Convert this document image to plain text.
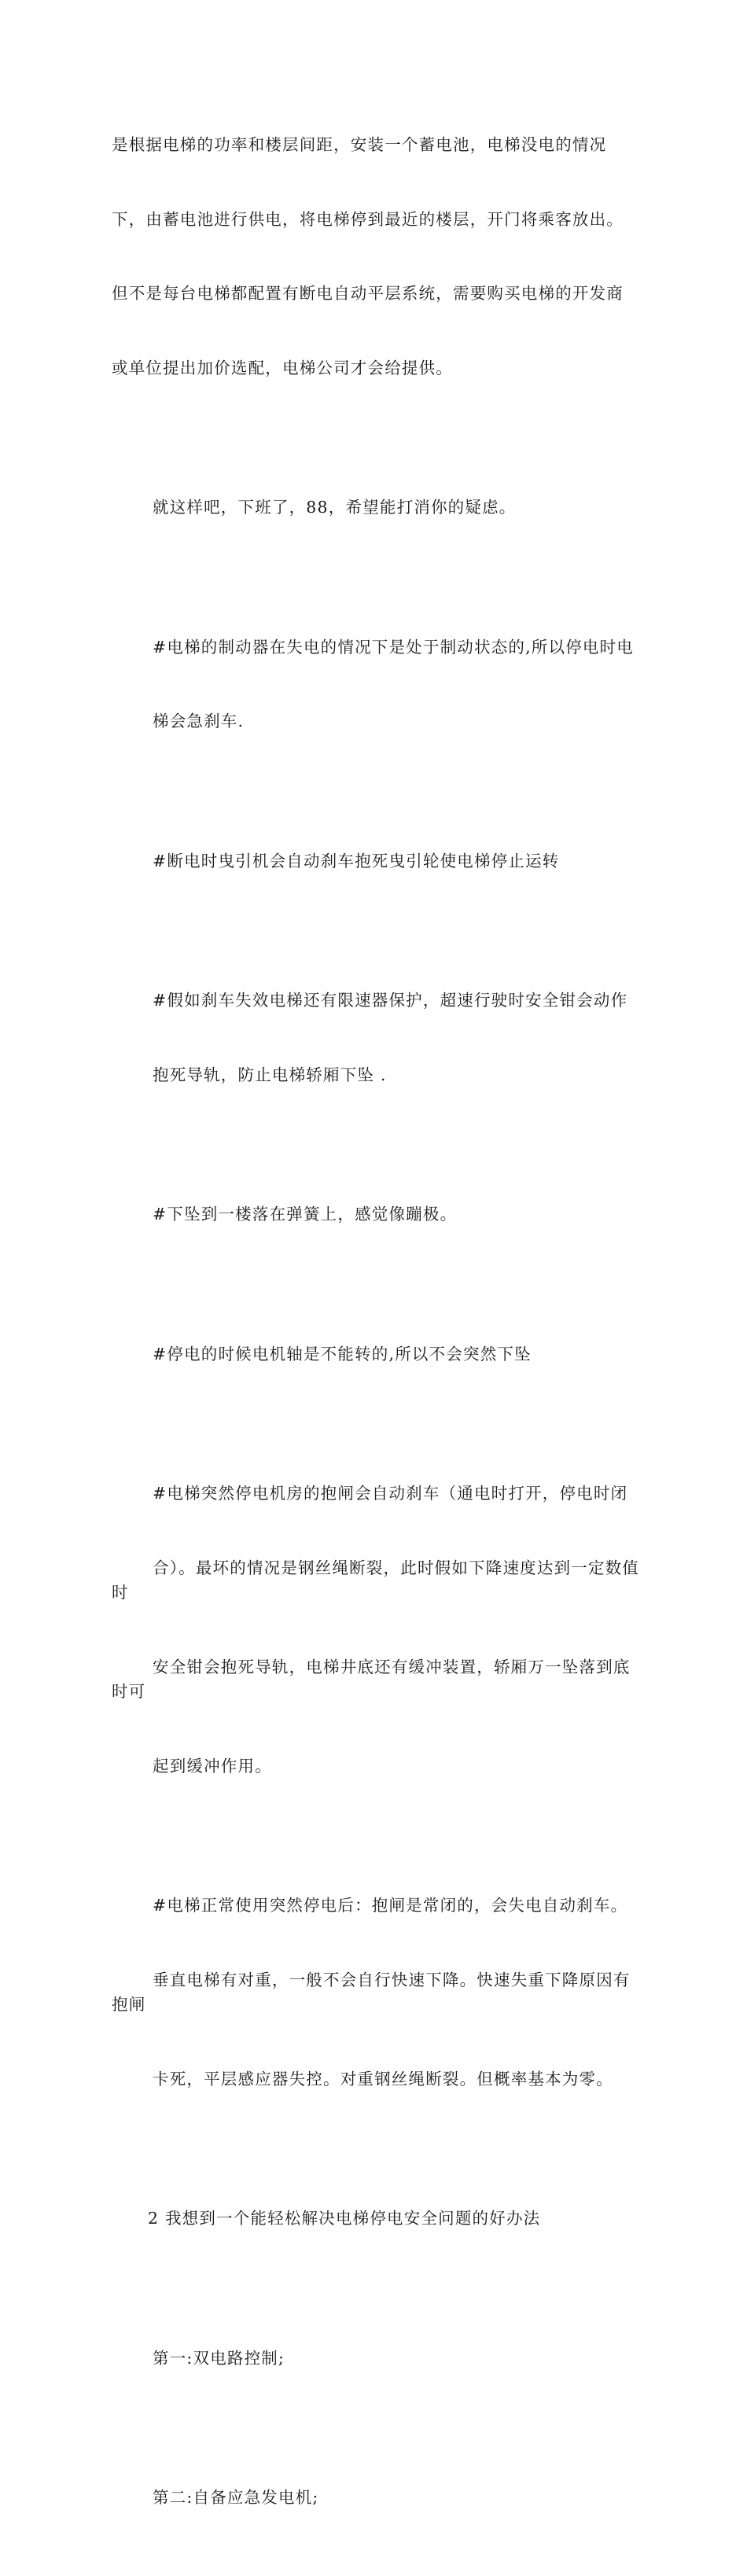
是根据电梯的功率和楼层间距，安装一个蓄电池，电梯没电的情况

下，由蓄电池进行供电，将电梯停到最近的楼层，开门将乘客放出。

但不是每台电梯都配置有断电自动平层系统，需要购买电梯的开发商

或单位提出加价选配，电梯公司才会给提供。

就这样吧，下班了，88，希望能打消你的疑虑。

#电梯的制动器在失电的情况下是处于制动状态的,所以停电时电

梯会急刹车.

#断电时曳引机会自动刹车抱死曳引轮使电梯停止运转

#假如刹车失效电梯还有限速器保护，超速行驶时安全钳会动作

抱死导轨，防止电梯轿厢下坠 .

#下坠到一楼落在弹簧上，感觉像蹦极。

#停电的时候电机轴是不能转的,所以不会突然下坠

#电梯突然停电机房的抱闸会自动刹车（通电时打开，停电时闭

合）。最坏的情况是钢丝绳断裂，此时假如下降速度达到一定数值时

安全钳会抱死导轨，电梯井底还有缓冲装置，轿厢万一坠落到底时可

起到缓冲作用。

#电梯正常使用突然停电后：抱闸是常闭的，会失电自动刹车。

垂直电梯有对重，一般不会自行快速下降。快速失重下降原因有抱闸

卡死，平层感应器失控。对重钢丝绳断裂。但概率基本为零。

2 我想到一个能轻松解决电梯停电安全问题的好办法

第一:双电路控制;

第二:自备应急发电机;
